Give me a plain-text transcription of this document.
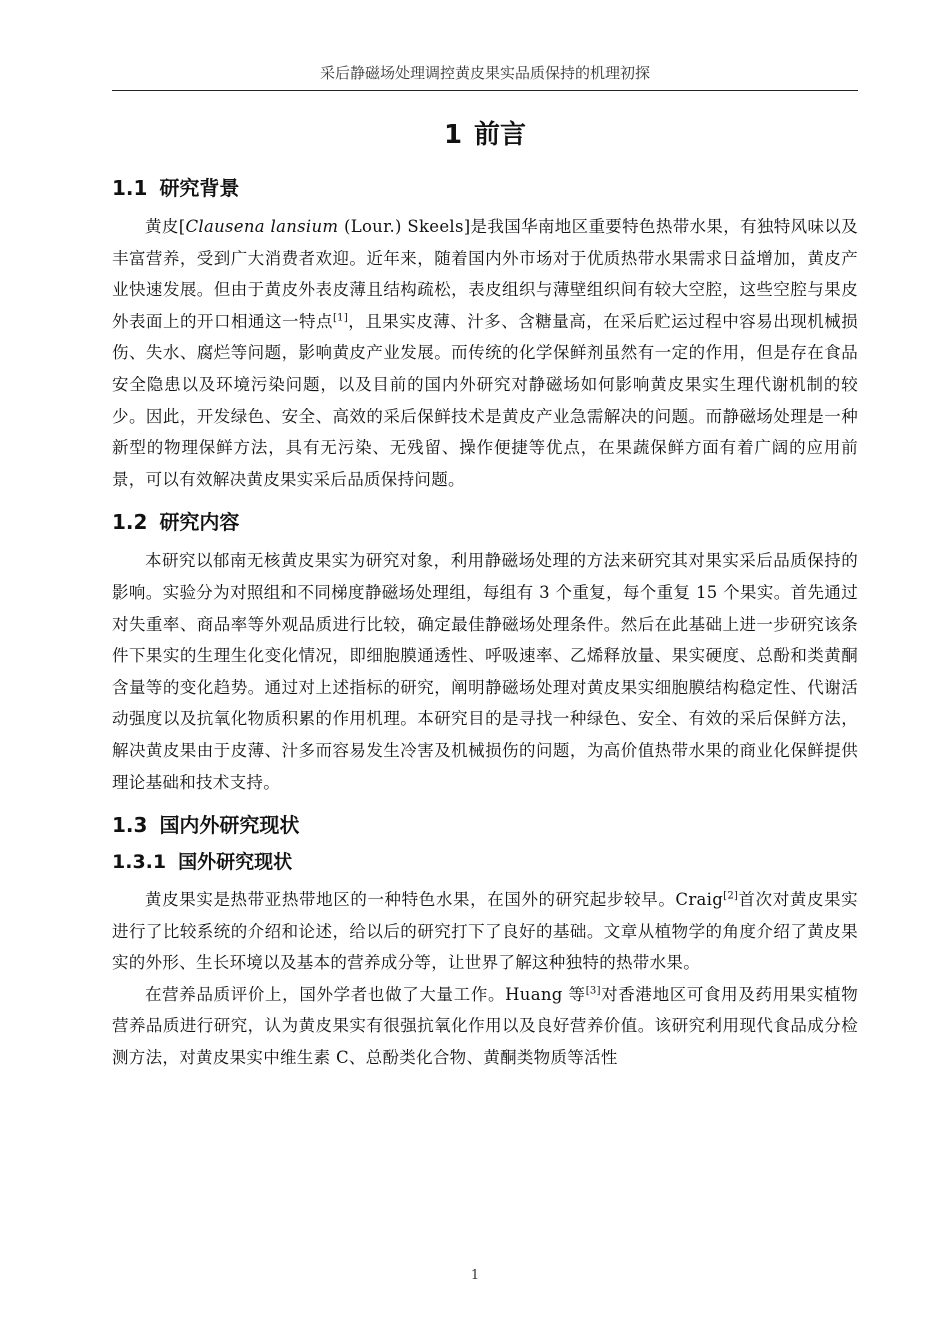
采后静磁场处理调控黄皮果实品质保持的机理初探
1 前言
1.1 研究背景

黄皮[Clausena lansium (Lour.) Skeels]是我国华南地区重要特色热带水果，有独特风味以及丰富营养，受到广大消费者欢迎。近年来，随着国内外市场对于优质热带水果需求日益增加，黄皮产业快速发展。但由于黄皮外表皮薄且结构疏松，表皮组织与薄壁组织间有较大空腔，这些空腔与果皮外表面上的开口相通这一特点[1]，且果实皮薄、汁多、含糖量高，在采后贮运过程中容易出现机械损伤、失水、腐烂等问题，影响黄皮产业发展。而传统的化学保鲜剂虽然有一定的作用，但是存在食品安全隐患以及环境污染问题，以及目前的国内外研究对静磁场如何影响黄皮果实生理代谢机制的较少。因此，开发绿色、安全、高效的采后保鲜技术是黄皮产业急需解决的问题。而静磁场处理是一种新型的物理保鲜方法，具有无污染、无残留、操作便捷等优点，在果蔬保鲜方面有着广阔的应用前景，可以有效解决黄皮果实采后品质保持问题。

1.2 研究内容

本研究以郁南无核黄皮果实为研究对象，利用静磁场处理的方法来研究其对果实采后品质保持的影响。实验分为对照组和不同梯度静磁场处理组，每组有 3 个重复，每个重复 15 个果实。首先通过对失重率、商品率等外观品质进行比较，确定最佳静磁场处理条件。然后在此基础上进一步研究该条件下果实的生理生化变化情况，即细胞膜通透性、呼吸速率、乙烯释放量、果实硬度、总酚和类黄酮含量等的变化趋势。通过对上述指标的研究，阐明静磁场处理对黄皮果实细胞膜结构稳定性、代谢活动强度以及抗氧化物质积累的作用机理。本研究目的是寻找一种绿色、安全、有效的采后保鲜方法，解决黄皮果由于皮薄、汁多而容易发生冷害及机械损伤的问题，为高价值热带水果的商业化保鲜提供理论基础和技术支持。

1.3 国内外研究现状
1.3.1 国外研究现状

黄皮果实是热带亚热带地区的一种特色水果，在国外的研究起步较早。Craig[2]首次对黄皮果实进行了比较系统的介绍和论述，给以后的研究打下了良好的基础。文章从植物学的角度介绍了黄皮果实的外形、生长环境以及基本的营养成分等，让世界了解这种独特的热带水果。

在营养品质评价上，国外学者也做了大量工作。Huang 等[3]对香港地区可食用及药用果实植物营养品质进行研究，认为黄皮果实有很强抗氧化作用以及良好营养价值。该研究利用现代食品成分检测方法，对黄皮果实中维生素 C、总酚类化合物、黄酮类物质等活性

1
